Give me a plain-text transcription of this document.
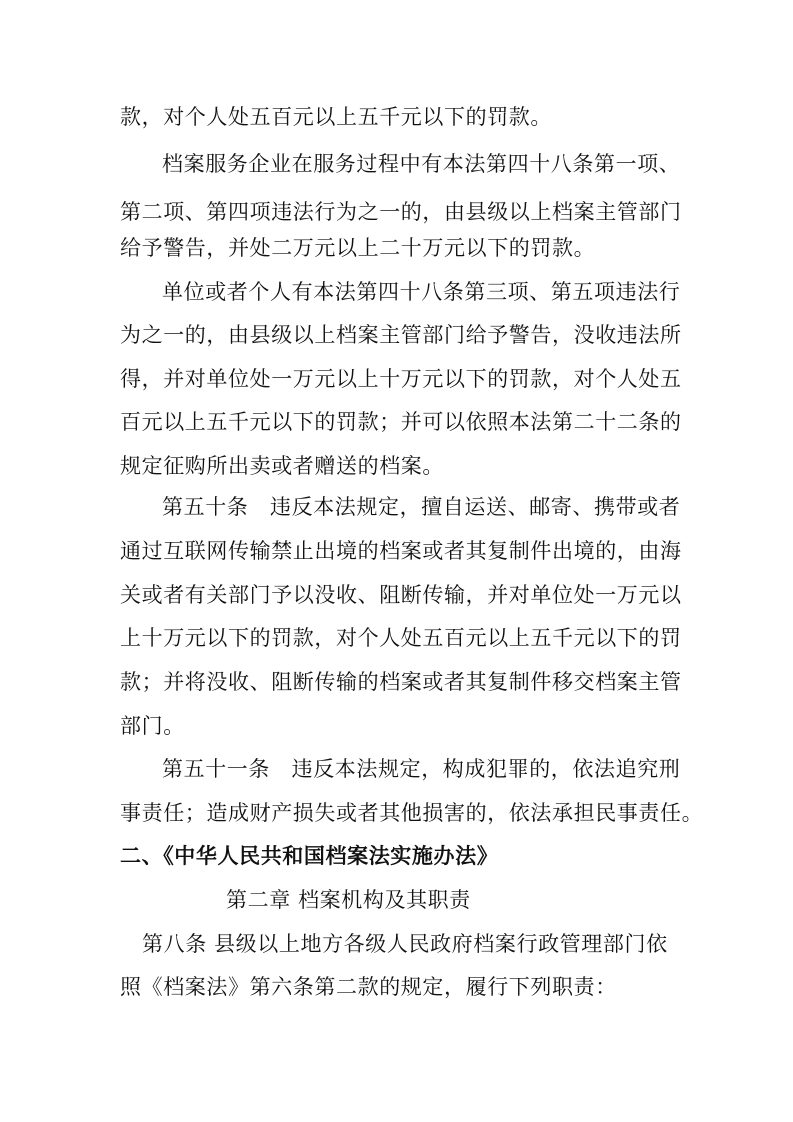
款，对个人处五百元以上五千元以下的罚款。
档案服务企业在服务过程中有本法第四十八条第一项、
第二项、第四项违法行为之一的，由县级以上档案主管部门
给予警告，并处二万元以上二十万元以下的罚款。
单位或者个人有本法第四十八条第三项、第五项违法行
为之一的，由县级以上档案主管部门给予警告，没收违法所
得，并对单位处一万元以上十万元以下的罚款，对个人处五
百元以上五千元以下的罚款；并可以依照本法第二十二条的
规定征购所出卖或者赠送的档案。
第五十条　违反本法规定，擅自运送、邮寄、携带或者
通过互联网传输禁止出境的档案或者其复制件出境的，由海
关或者有关部门予以没收、阻断传输，并对单位处一万元以
上十万元以下的罚款，对个人处五百元以上五千元以下的罚
款；并将没收、阻断传输的档案或者其复制件移交档案主管
部门。
第五十一条　违反本法规定，构成犯罪的，依法追究刑
事责任；造成财产损失或者其他损害的，依法承担民事责任。
二、《中华人民共和国档案法实施办法》
第二章 档案机构及其职责
第八条 县级以上地方各级人民政府档案行政管理部门依
照《档案法》第六条第二款的规定，履行下列职责：
